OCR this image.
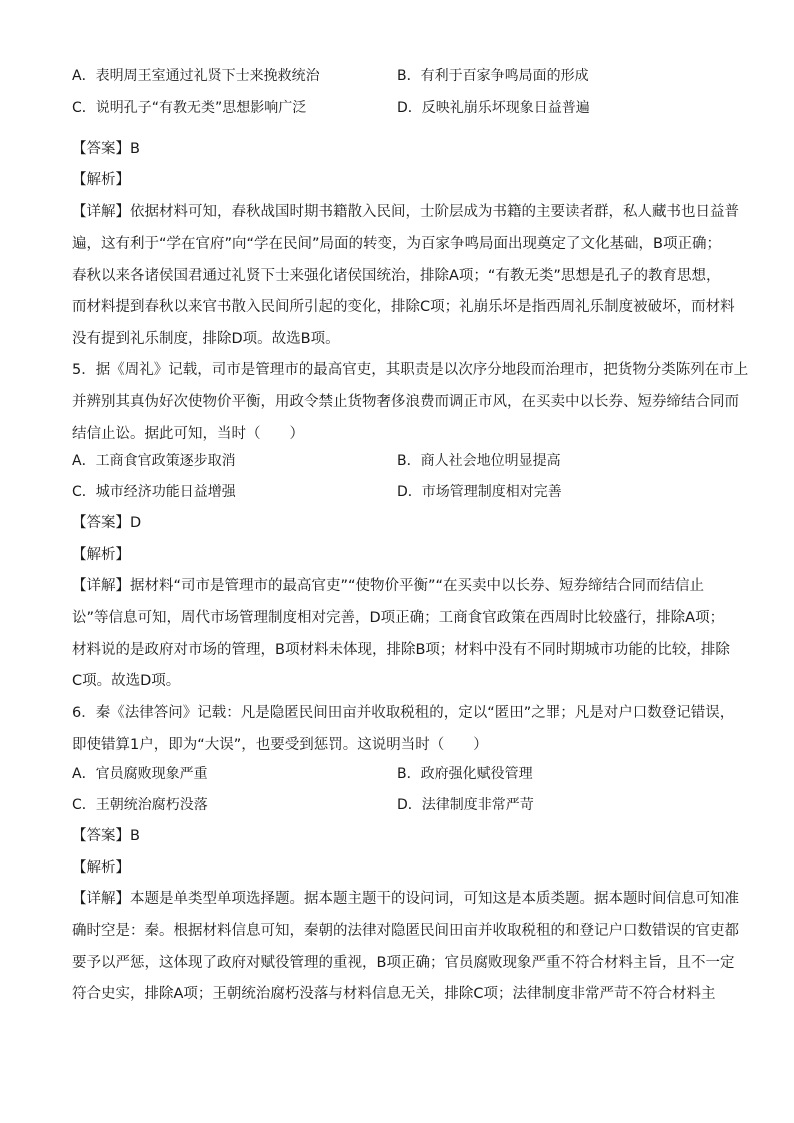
A．表明周王室通过礼贤下士来挽救统治	B．有利于百家争鸣局面的形成
C．说明孔子“有教无类”思想影响广泛	D．反映礼崩乐坏现象日益普遍
【答案】B
【解析】
【详解】依据材料可知，春秋战国时期书籍散入民间，士阶层成为书籍的主要读者群，私人藏书也日益普
遍，这有利于“学在官府”向“学在民间”局面的转变，为百家争鸣局面出现奠定了文化基础，B项正确；
春秋以来各诸侯国君通过礼贤下士来强化诸侯国统治，排除A项；“有教无类”思想是孔子的教育思想，
而材料提到春秋以来官书散入民间所引起的变化，排除C项；礼崩乐坏是指西周礼乐制度被破坏，而材料
没有提到礼乐制度，排除D项。故选B项。
5．据《周礼》记载，司市是管理市的最高官吏，其职责是以次序分地段而治理市，把货物分类陈列在市上
并辨别其真伪好次使物价平衡，用政令禁止货物奢侈浪费而调正市风，在买卖中以长券、短券缔结合同而
结信止讼。据此可知，当时（　　）
A．工商食官政策逐步取消	B．商人社会地位明显提高
C．城市经济功能日益增强	D．市场管理制度相对完善
【答案】D
【解析】
【详解】据材料“司市是管理市的最高官吏”“使物价平衡”“在买卖中以长券、短券缔结合同而结信止
讼”等信息可知，周代市场管理制度相对完善，D项正确；工商食官政策在西周时比较盛行，排除A项；
材料说的是政府对市场的管理，B项材料未体现，排除B项；材料中没有不同时期城市功能的比较，排除
C项。故选D项。
6．秦《法律答问》记载：凡是隐匿民间田亩并收取税租的，定以“匿田”之罪；凡是对户口数登记错误，
即使错算1户，即为“大误”，也要受到惩罚。这说明当时（　　）
A．官员腐败现象严重	B．政府强化赋役管理
C．王朝统治腐朽没落	D．法律制度非常严苛
【答案】B
【解析】
【详解】本题是单类型单项选择题。据本题主题干的设问词，可知这是本质类题。据本题时间信息可知准
确时空是：秦。根据材料信息可知，秦朝的法律对隐匿民间田亩并收取税租的和登记户口数错误的官吏都
要予以严惩，这体现了政府对赋役管理的重视，B项正确；官员腐败现象严重不符合材料主旨，且不一定
符合史实，排除A项；王朝统治腐朽没落与材料信息无关，排除C项；法律制度非常严苛不符合材料主
